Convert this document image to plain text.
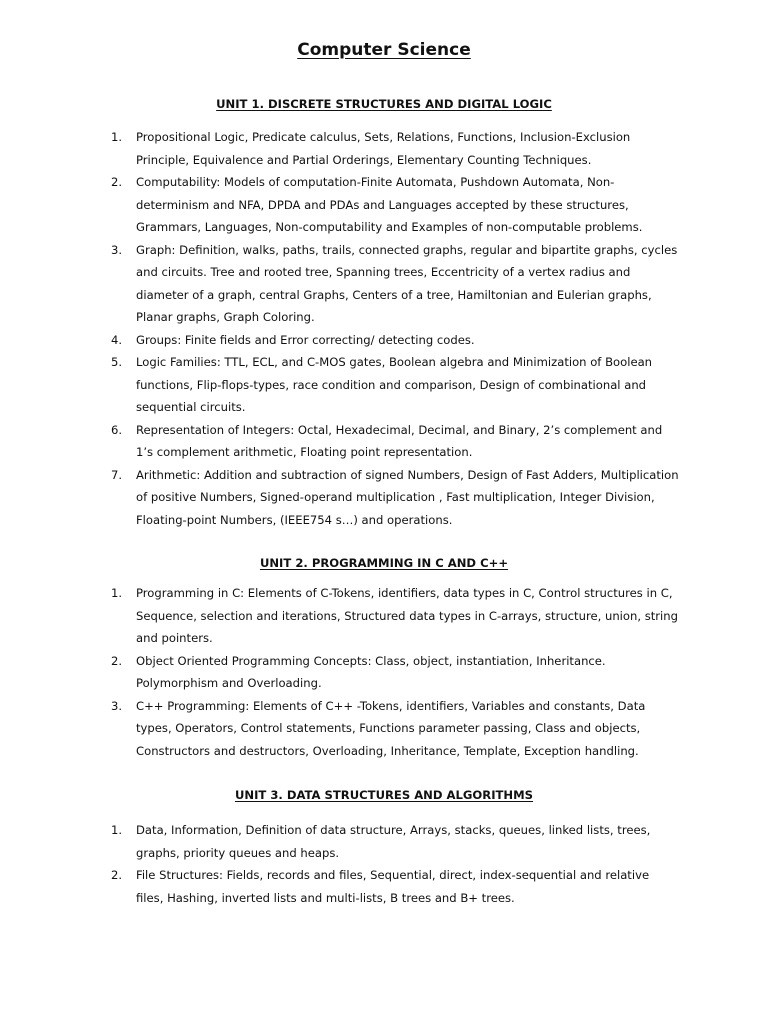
Computer Science
UNIT 1. DISCRETE STRUCTURES AND DIGITAL LOGIC
1. Propositional Logic, Predicate calculus, Sets, Relations, Functions, Inclusion-Exclusion Principle, Equivalence and Partial Orderings, Elementary Counting Techniques.
2. Computability: Models of computation-Finite Automata, Pushdown Automata, Non-determinism and NFA, DPDA and PDAs and Languages accepted by these structures, Grammars, Languages, Non-computability and Examples of non-computable problems.
3. Graph: Definition, walks, paths, trails, connected graphs, regular and bipartite graphs, cycles and circuits. Tree and rooted tree, Spanning trees, Eccentricity of a vertex radius and diameter of a graph, central Graphs, Centers of a tree, Hamiltonian and Eulerian graphs, Planar graphs, Graph Coloring.
4. Groups: Finite fields and Error correcting/ detecting codes.
5. Logic Families: TTL, ECL, and C-MOS gates, Boolean algebra and Minimization of Boolean functions, Flip-flops-types, race condition and comparison, Design of combinational and sequential circuits.
6. Representation of Integers: Octal, Hexadecimal, Decimal, and Binary, 2’s complement and 1’s complement arithmetic, Floating point representation.
7. Arithmetic: Addition and subtraction of signed Numbers, Design of Fast Adders, Multiplication of positive Numbers, Signed-operand multiplication , Fast multiplication, Integer Division, Floating-point Numbers, (IEEE754 s…) and operations.
UNIT 2. PROGRAMMING IN C AND C++
1. Programming in C: Elements of C-Tokens, identifiers, data types in C, Control structures in C, Sequence, selection and iterations, Structured data types in C-arrays, structure, union, string and pointers.
2. Object Oriented Programming Concepts: Class, object, instantiation, Inheritance. Polymorphism and Overloading.
3. C++ Programming: Elements of C++ -Tokens, identifiers, Variables and constants, Data types, Operators, Control statements, Functions parameter passing, Class and objects, Constructors and destructors, Overloading, Inheritance, Template, Exception handling.
UNIT 3. DATA STRUCTURES AND ALGORITHMS
1. Data, Information, Definition of data structure, Arrays, stacks, queues, linked lists, trees, graphs, priority queues and heaps.
2. File Structures: Fields, records and files, Sequential, direct, index-sequential and relative files, Hashing, inverted lists and multi-lists, B trees and B+ trees.
